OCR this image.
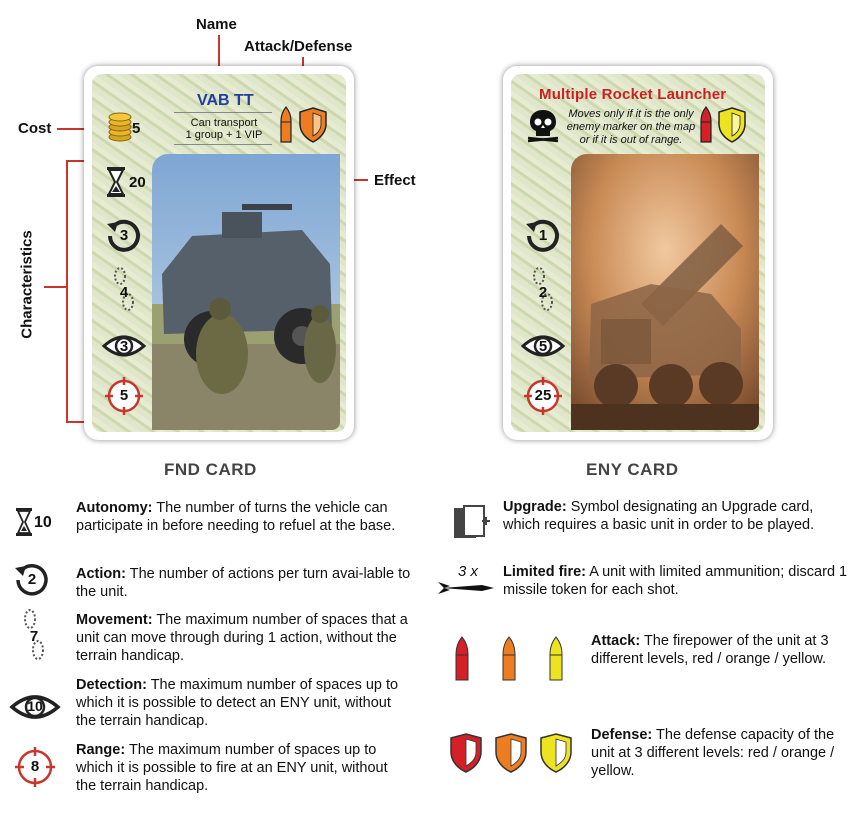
Name
Attack/Defense
Cost
Effect
Characteristics
VAB TT
Can transport
1 group + 1 VIP
5
20
3
4
3
5
FND CARD
Multiple Rocket Launcher
Moves only if it is the only
enemy marker on the map
or if it is out of range.
1
2
5
25
ENY CARD
10
Autonomy: The number of turns the vehicle can participate in before needing to refuel at the base.
2	Action: The number of actions per turn avai-lable to the unit.
7
Movement: The maximum number of spaces that a unit can move through during 1 action, without the terrain handicap.
10
Detection: The maximum number of spaces up to which it is possible to detect an ENY unit, without the terrain handicap.
8
Range: The maximum number of spaces up to which it is possible to fire at an ENY unit, without the terrain handicap.
Upgrade: Symbol designating an Upgrade card, which requires a basic unit in order to be played.
3 x Limited fire: A unit with limited ammunition; discard 1 missile token for each shot.
Attack: The firepower of the unit at 3 different levels, red / orange / yellow.
Defense: The defense capacity of the unit at 3 different levels: red / orange / yellow.
